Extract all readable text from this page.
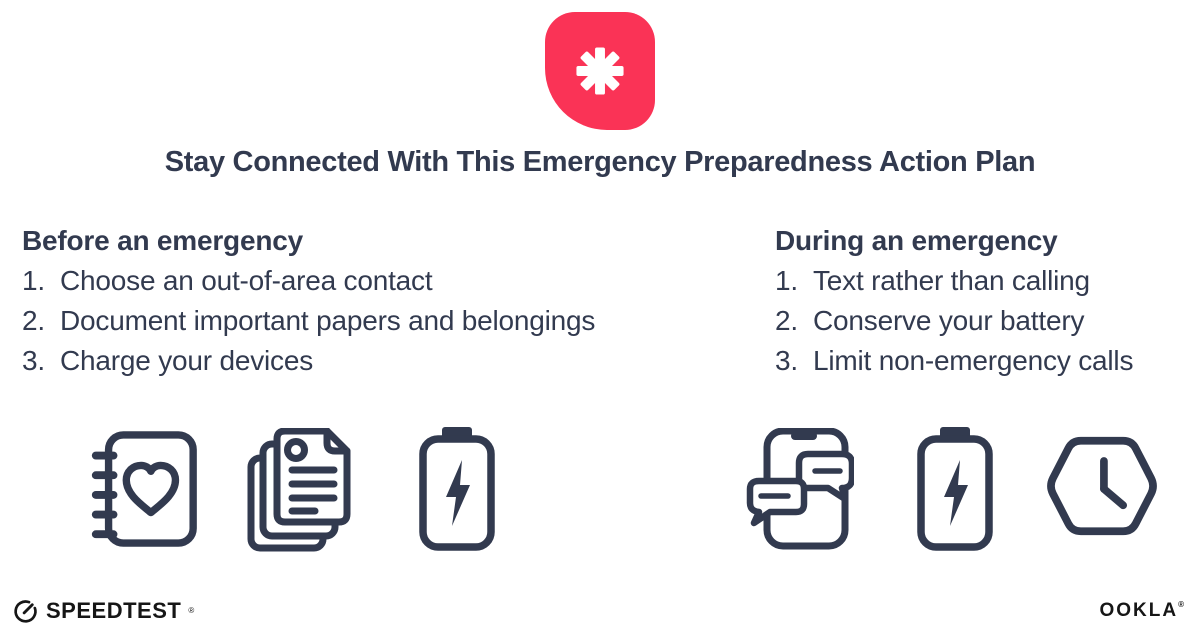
Stay Connected With This Emergency Preparedness Action Plan
Before an emergency
1. Choose an out-of-area contact
2. Document important papers and belongings
3. Charge your devices
During an emergency
1. Text rather than calling
2. Conserve your battery
3. Limit non-emergency calls
SPEEDTEST ®	OOKLA®
